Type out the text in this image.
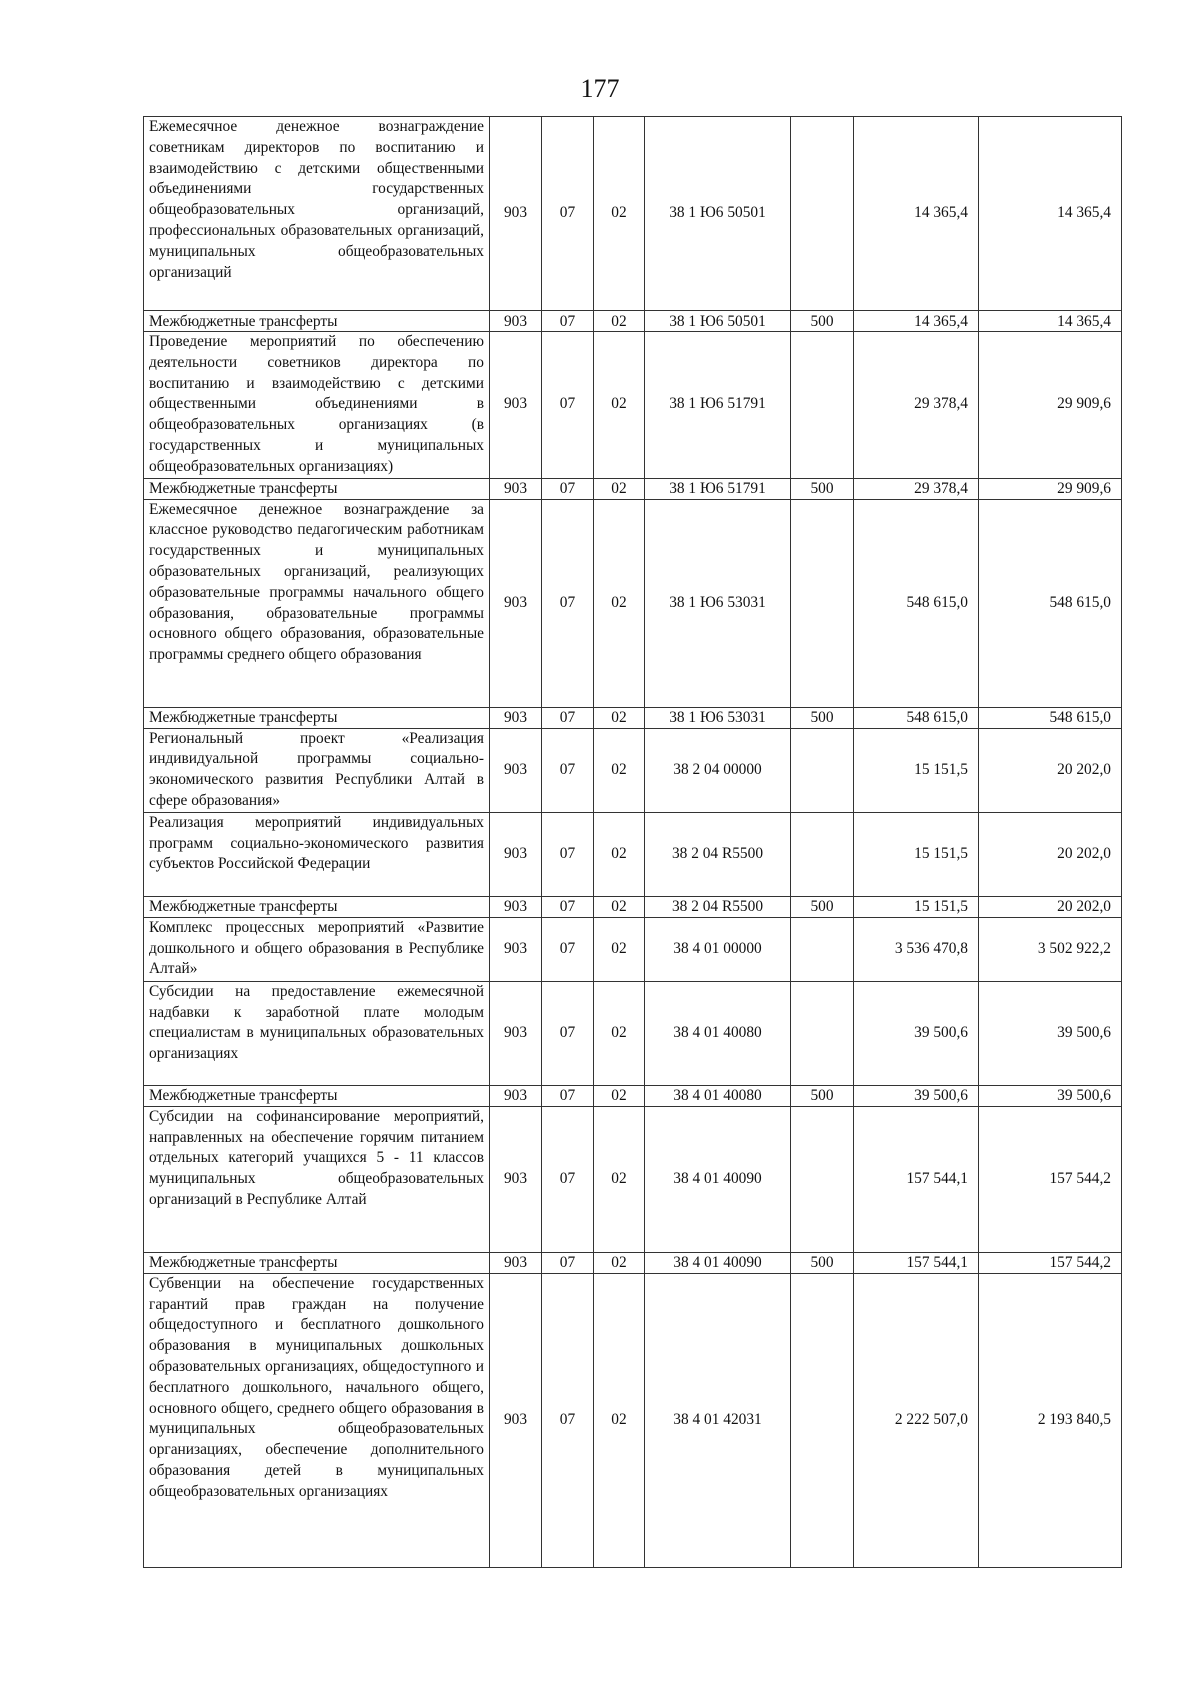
177
Ежемесячное денежное вознаграждение советникам директоров по воспитанию и взаимодействию с детскими общественными объединениями государственных общеобразовательных организаций, профессиональных образовательных организаций, муниципальных общеобразовательных организаций	903	07	02	38 1 Ю6 50501		14 365,4	14 365,4
Межбюджетные трансферты	903	07	02	38 1 Ю6 50501	500	14 365,4	14 365,4
Проведение мероприятий по обеспечению деятельности советников директора по воспитанию и взаимодействию с детскими общественными объединениями в общеобразовательных организациях (в государственных и муниципальных общеобразовательных организациях)	903	07	02	38 1 Ю6 51791		29 378,4	29 909,6
Межбюджетные трансферты	903	07	02	38 1 Ю6 51791	500	29 378,4	29 909,6
Ежемесячное денежное вознаграждение за классное руководство педагогическим работникам государственных и муниципальных образовательных организаций, реализующих образовательные программы начального общего образования, образовательные программы основного общего образования, образовательные программы среднего общего образования	903	07	02	38 1 Ю6 53031		548 615,0	548 615,0
Межбюджетные трансферты	903	07	02	38 1 Ю6 53031	500	548 615,0	548 615,0
Региональный проект «Реализация индивидуальной программы социально-экономического развития Республики Алтай в сфере образования»	903	07	02	38 2 04 00000		15 151,5	20 202,0
Реализация мероприятий индивидуальных программ социально-экономического развития субъектов Российской Федерации	903	07	02	38 2 04 R5500		15 151,5	20 202,0
Межбюджетные трансферты	903	07	02	38 2 04 R5500	500	15 151,5	20 202,0
Комплекс процессных мероприятий «Развитие дошкольного и общего образования в Республике Алтай»	903	07	02	38 4 01 00000		3 536 470,8	3 502 922,2
Субсидии на предоставление ежемесячной надбавки к заработной плате молодым специалистам в муниципальных образовательных организациях	903	07	02	38 4 01 40080		39 500,6	39 500,6
Межбюджетные трансферты	903	07	02	38 4 01 40080	500	39 500,6	39 500,6
Субсидии на софинансирование мероприятий, направленных на обеспечение горячим питанием отдельных категорий учащихся 5 - 11 классов муниципальных общеобразовательных организаций в Республике Алтай	903	07	02	38 4 01 40090		157 544,1	157 544,2
Межбюджетные трансферты	903	07	02	38 4 01 40090	500	157 544,1	157 544,2
Субвенции на обеспечение государственных гарантий прав граждан на получение общедоступного и бесплатного дошкольного образования в муниципальных дошкольных образовательных организациях, общедоступного и бесплатного дошкольного, начального общего, основного общего, среднего общего образования в муниципальных общеобразовательных организациях, обеспечение дополнительного образования детей в муниципальных общеобразовательных организациях	903	07	02	38 4 01 42031		2 222 507,0	2 193 840,5
